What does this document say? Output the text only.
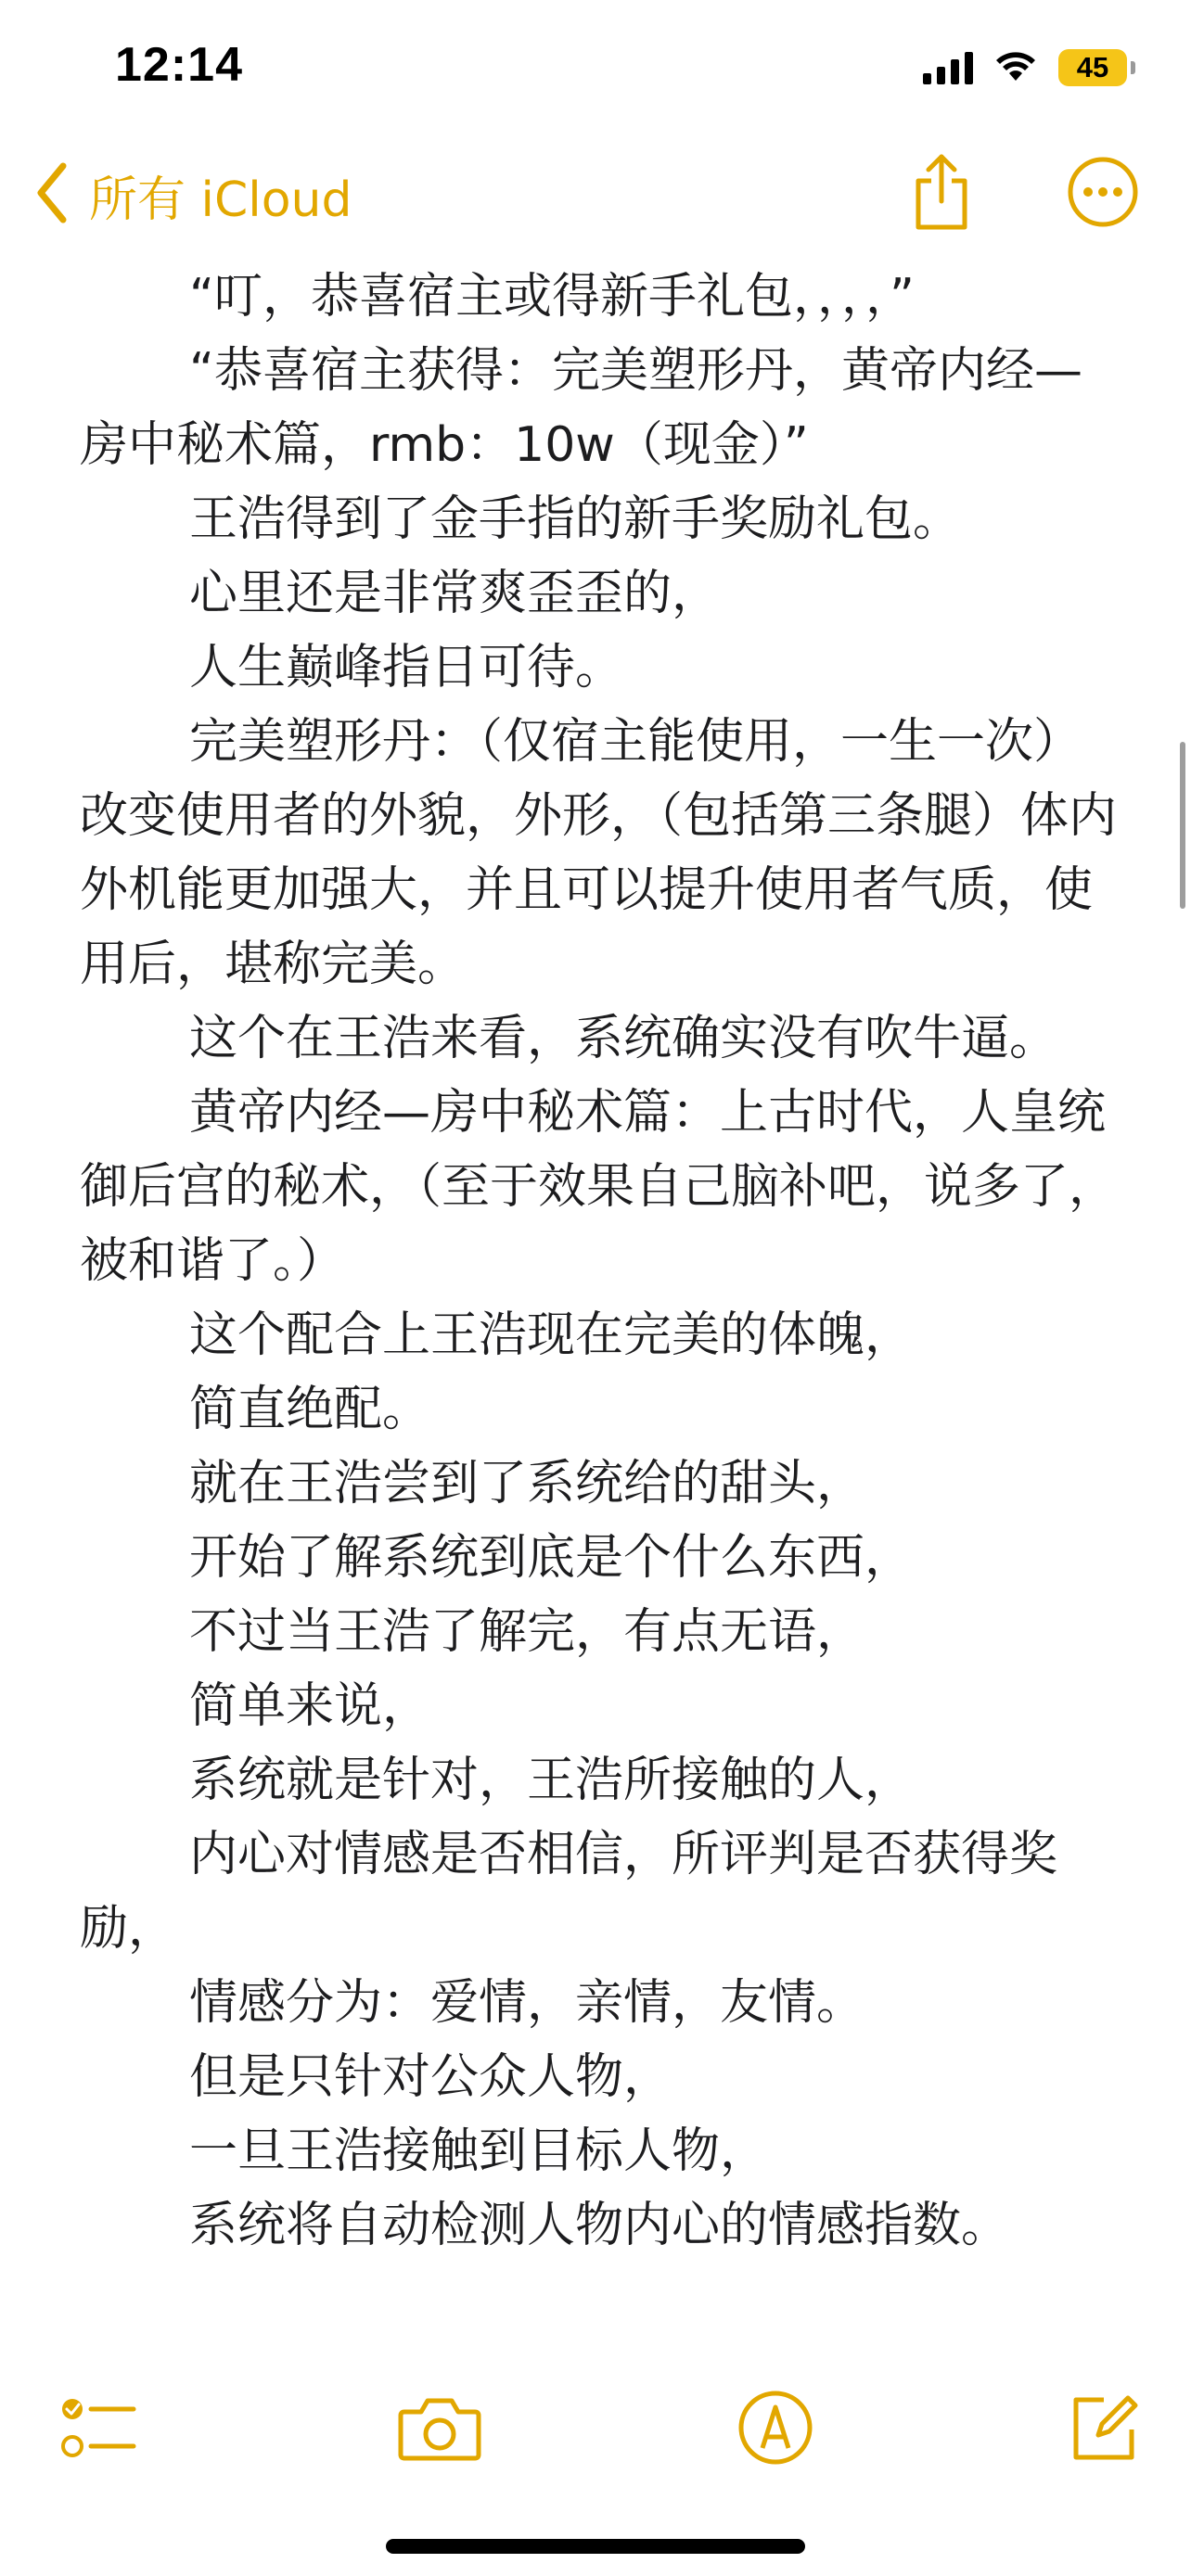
12:14	45
所有 iCloud

“叮，恭喜宿主或得新手礼包，，，，”

“恭喜宿主获得：完美塑形丹，黄帝内经—房中秘术篇，rmb：10w（现金）”

王浩得到了金手指的新手奖励礼包。

心里还是非常爽歪歪的，

人生巅峰指日可待。

完美塑形丹：（仅宿主能使用，一生一次）改变使用者的外貌，外形，（包括第三条腿）体内外机能更加强大，并且可以提升使用者气质，使用后，堪称完美。

这个在王浩来看，系统确实没有吹牛逼。

黄帝内经—房中秘术篇：上古时代，人皇统御后宫的秘术，（至于效果自己脑补吧，说多了，被和谐了。）

这个配合上王浩现在完美的体魄，

简直绝配。

就在王浩尝到了系统给的甜头，

开始了解系统到底是个什么东西，

不过当王浩了解完，有点无语，

简单来说，

系统就是针对，王浩所接触的人，

内心对情感是否相信，所评判是否获得奖励，

情感分为：爱情，亲情，友情。

但是只针对公众人物，

一旦王浩接触到目标人物，

系统将自动检测人物内心的情感指数。
